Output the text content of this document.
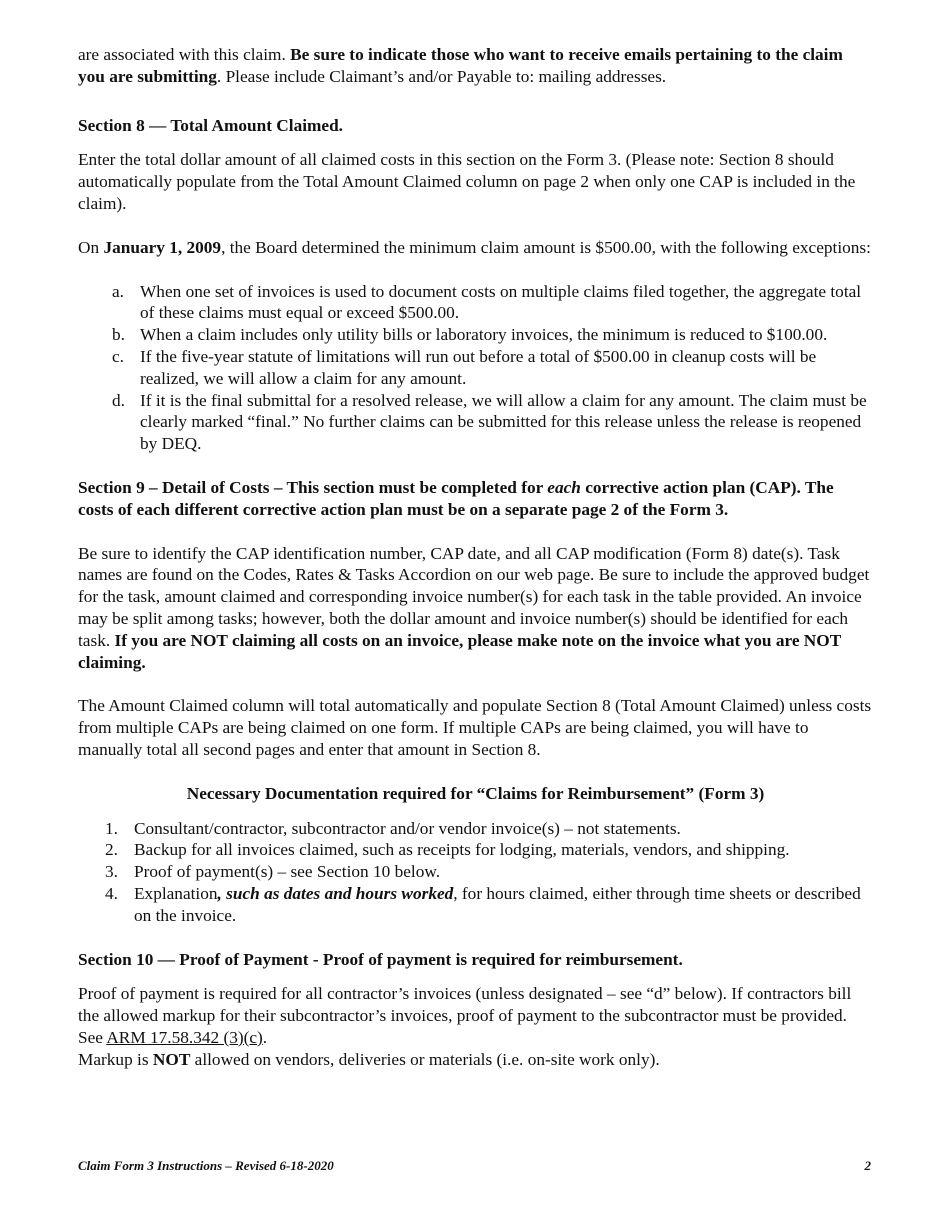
are associated with this claim. Be sure to indicate those who want to receive emails pertaining to the claim you are submitting. Please include Claimant’s and/or Payable to: mailing addresses.

Section 8 — Total Amount Claimed.

Enter the total dollar amount of all claimed costs in this section on the Form 3. (Please note: Section 8 should automatically populate from the Total Amount Claimed column on page 2 when only one CAP is included in the claim).

On January 1, 2009, the Board determined the minimum claim amount is $500.00, with the following exceptions:

a. When one set of invoices is used to document costs on multiple claims filed together, the aggregate total of these claims must equal or exceed $500.00.
b. When a claim includes only utility bills or laboratory invoices, the minimum is reduced to $100.00.
c. If the five-year statute of limitations will run out before a total of $500.00 in cleanup costs will be realized, we will allow a claim for any amount.
d. If it is the final submittal for a resolved release, we will allow a claim for any amount. The claim must be clearly marked “final.” No further claims can be submitted for this release unless the release is reopened by DEQ.

Section 9 – Detail of Costs – This section must be completed for each corrective action plan (CAP). The costs of each different corrective action plan must be on a separate page 2 of the Form 3.

Be sure to identify the CAP identification number, CAP date, and all CAP modification (Form 8) date(s). Task names are found on the Codes, Rates & Tasks Accordion on our web page. Be sure to include the approved budget for the task, amount claimed and corresponding invoice number(s) for each task in the table provided. An invoice may be split among tasks; however, both the dollar amount and invoice number(s) should be identified for each task. If you are NOT claiming all costs on an invoice, please make note on the invoice what you are NOT claiming.

The Amount Claimed column will total automatically and populate Section 8 (Total Amount Claimed) unless costs from multiple CAPs are being claimed on one form. If multiple CAPs are being claimed, you will have to manually total all second pages and enter that amount in Section 8.

Necessary Documentation required for “Claims for Reimbursement” (Form 3)

1. Consultant/contractor, subcontractor and/or vendor invoice(s) – not statements.
2. Backup for all invoices claimed, such as receipts for lodging, materials, vendors, and shipping.
3. Proof of payment(s) – see Section 10 below.
4. Explanation, such as dates and hours worked, for hours claimed, either through time sheets or described on the invoice.

Section 10 — Proof of Payment - Proof of payment is required for reimbursement.

Proof of payment is required for all contractor’s invoices (unless designated – see “d” below). If contractors bill the allowed markup for their subcontractor’s invoices, proof of payment to the subcontractor must be provided. See ARM 17.58.342 (3)(c).

Markup is NOT allowed on vendors, deliveries or materials (i.e. on-site work only).

Claim Form 3 Instructions – Revised 6-18-2020	2
